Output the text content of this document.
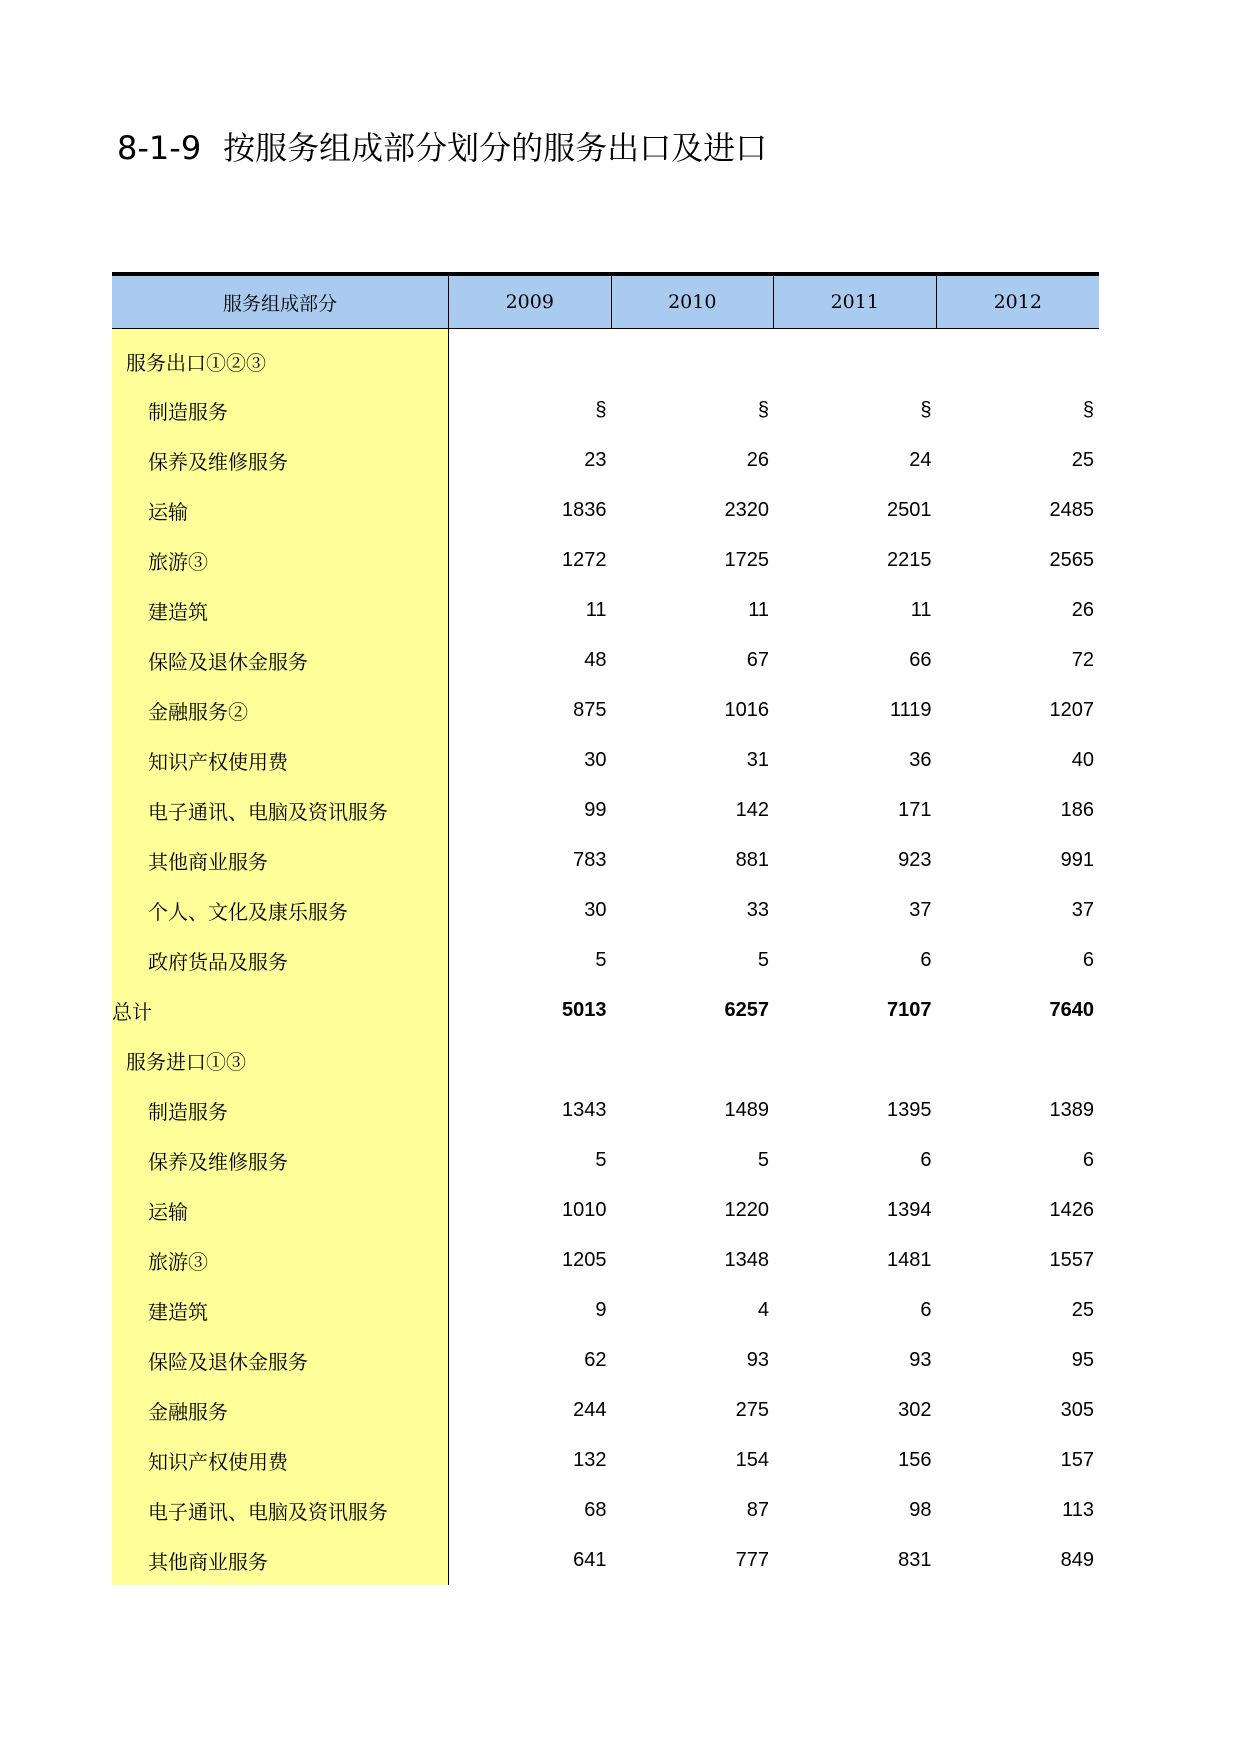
8-1-9 按服务组成部分划分的服务出口及进口
服务组成部分	2009	2010	2011	2012
服务出口①②③
制造服务	§	§	§	§
保养及维修服务	23	26	24	25
运输	1836	2320	2501	2485
旅游③	1272	1725	2215	2565
建造筑	11	11	11	26
保险及退休金服务	48	67	66	72
金融服务②	875	1016	1119	1207
知识产权使用费	30	31	36	40
电子通讯、电脑及资讯服务	99	142	171	186
其他商业服务	783	881	923	991
个人、文化及康乐服务	30	33	37	37
政府货品及服务	5	5	6	6
总计	5013	6257	7107	7640
服务进口①③
制造服务	1343	1489	1395	1389
保养及维修服务	5	5	6	6
运输	1010	1220	1394	1426
旅游③	1205	1348	1481	1557
建造筑	9	4	6	25
保险及退休金服务	62	93	93	95
金融服务	244	275	302	305
知识产权使用费	132	154	156	157
电子通讯、电脑及资讯服务	68	87	98	113
其他商业服务	641	777	831	849
